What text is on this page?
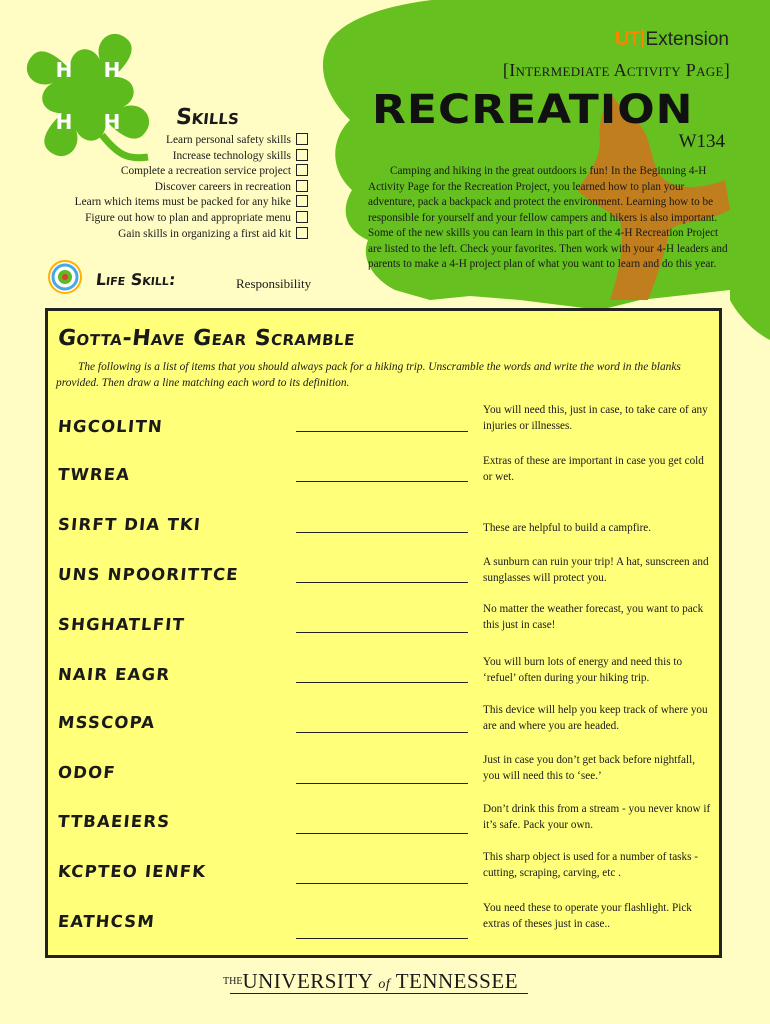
H H
H H
UT Extension
[Intermediate Activity Page]
RECREATION
W134

Camping and hiking in the great outdoors is fun! In the Beginning 4-H Activity Page for the Recreation Project, you learned how to plan your adventure, pack a backpack and protect the environment. Learning how to be responsible for yourself and your fellow campers and hikers is also important. Some of the new skills you can learn in this part of the 4-H Recreation Project are listed to the left. Check your favorites. Then work with your 4-H leaders and parents to make a 4-H project plan of what you want to learn and do this year.

Skills
Learn personal safety skills
Increase technology skills
Complete a recreation service project
Discover careers in recreation
Learn which items must be packed for any hike
Figure out how to plan and appropriate menu
Gain skills in organizing a first aid kit
Life Skill:	Responsibility
Gotta-Have Gear Scramble
The following is a list of items that you should always pack for a hiking trip. Unscramble the words and write the word in the blanks provided. Then draw a line matching each word to its definition.
HGCOLITN
You will need this, just in case, to take care of any injuries or illnesses.
TWREA
Extras of these are important in case you get cold or wet.
SIRFT DIA TKI	These are helpful to build a campfire.
UNS NPOORITTCE
A sunburn can ruin your trip! A hat, sunscreen and sunglasses will protect you.
SHGHATLFIT
No matter the weather forecast, you want to pack this just in case!
NAIR EAGR
You will burn lots of energy and need this to ‘refuel’ often during your hiking trip.
MSSCOPA
This device will help you keep track of where you are and where you are headed.
ODOF
Just in case you don’t get back before nightfall, you will need this to ‘see.’
TTBAEIERS
Don’t drink this from a stream - you never know if it’s safe. Pack your own.
KCPTEO IENFK
This sharp object is used for a number of tasks - cutting, scraping, carving, etc .
EATHCSM
You need these to operate your flashlight. Pick extras of theses just in case..
THEUNIVERSITY of TENNESSEE
